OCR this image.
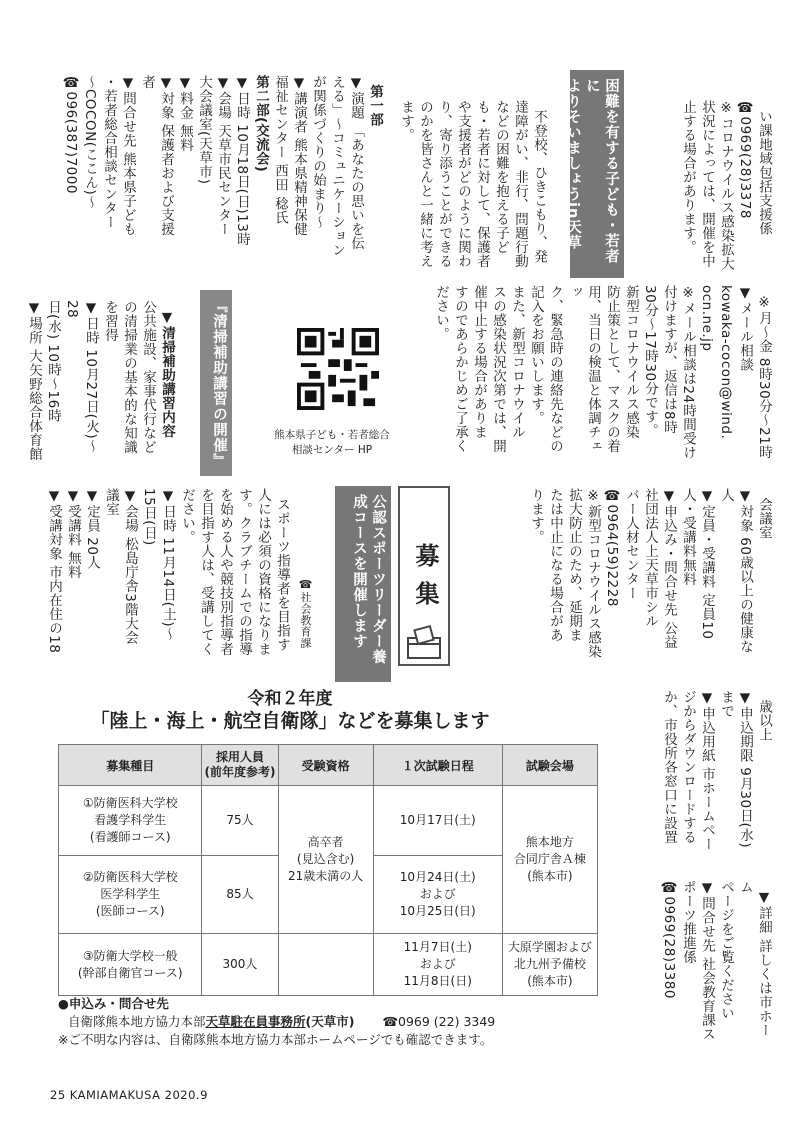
い課地域包括支援係
☎0969(28)3378
※コロナウイルス感染拡大
状況によっては、開催を中
止する場合があります。

困難を有する子ども・若者に
よりそいましょうin天草

不登校、ひきこもり、発
達障がい、非行、問題行動
などの困難を抱える子ど
も・若者に対して、保護者
や支援者がどのように関わ
り、寄り添うことができる
のかを皆さんと一緒に考え
ます。

第一部
▼演題 「あなたの思いを伝
える」～コミュニケーション
が関係づくりの始まり～
▼講演者 熊本県精神保健
福祉センター 西田 稔氏
第二部(交流会)
▼日時 10月18日(日)13時
▼会場 天草市民センター
大会議室(天草市)
▼料金 無料
▼対象 保護者および支援
者
▼問合せ先 熊本県子ども
・若者総合相談センター
～COCON(ここん)～
☎096(387)7000

※月～金 8時30分～21時
▼メール相談
kowaka-cocon@wind.
ocn.ne.jp
※メール相談は24時間受け
付けますが、返信は8時
30分～17時30分です。
新型コロナウイルス感染
防止策として、マスクの着
用、当日の検温と体調チェッ
ク、緊急時の連絡先などの
記入をお願いします。
また、新型コロナウイル
スの感染状況次第では、開
催中止する場合がありま
すのであらかじめご了承く
ださい。

熊本県子ども・若者総合
相談センター HP
『清掃補助講習の開催』

▼清掃補助講習内容
公共施設、家事代行など
の清掃業の基本的な知識
を習得
▼日時 10月27日(火)～28
日(水) 10時～16時
▼場所 大矢野総合体育館

会議室
▼対象 60歳以上の健康な
人
▼定員・受講料 定員10
人・受講料無料
▼申込み・問合せ先 公益
社団法人上天草市シル
バー人材センター
☎0964(59)2228
※新型コロナウイルス感染
拡大防止のため、延期ま
たは中止になる場合があ
ります。

募集
公認スポーツリーダー養
成コースを開催します

☎社会教育課

スポーツ指導者を目指す
人には必須の資格になりま
す。クラブチームでの指導
を始める人や競技別指導者
を目指す人は、受講してく
ださい。
▼日時 11月14日(土)～
15日(日)
▼会場 松島庁舎3階大会
議室
▼定員 20人
▼受講料 無料
▼受講対象 市内在住の18

歳以上
▼申込期限 9月30日(水)
まで
▼申込用紙 市ホームペー
ジからダウンロードする
か、市役所各窓口に設置

▼詳細 詳しくは市ホーム
ページをご覧ください
▼問合せ先 社会教育課ス
ポーツ推進係
☎0969(28)3380

令和２年度
「陸上・海上・航空自衛隊」などを募集します
募集種目	採用人員
(前年度参考)	受験資格	１次試験日程	試験会場
①防衛医科大学校
看護学科学生
(看護師コース)	75人	高卒者
(見込含む)
21歳未満の人	10月17日(土)	熊本地方
合同庁舎Ａ棟
(熊本市)
②防衛医科大学校
医学科学生
(医師コース)	85人		10月24日(土)
および
10月25日(日)	
③防衛大学校一般
(幹部自衛官コース)	300人		11月7日(土)
および
11月8日(日)	大原学園および
北九州予備校
(熊本市)
●申込み・問合せ先
自衛隊熊本地方協力本部天草駐在員事務所(天草市) ☎0969 (22) 3349
※ご不明な内容は、自衛隊熊本地方協力本部ホームページでも確認できます。
25 KAMIAMAKUSA 2020.9
